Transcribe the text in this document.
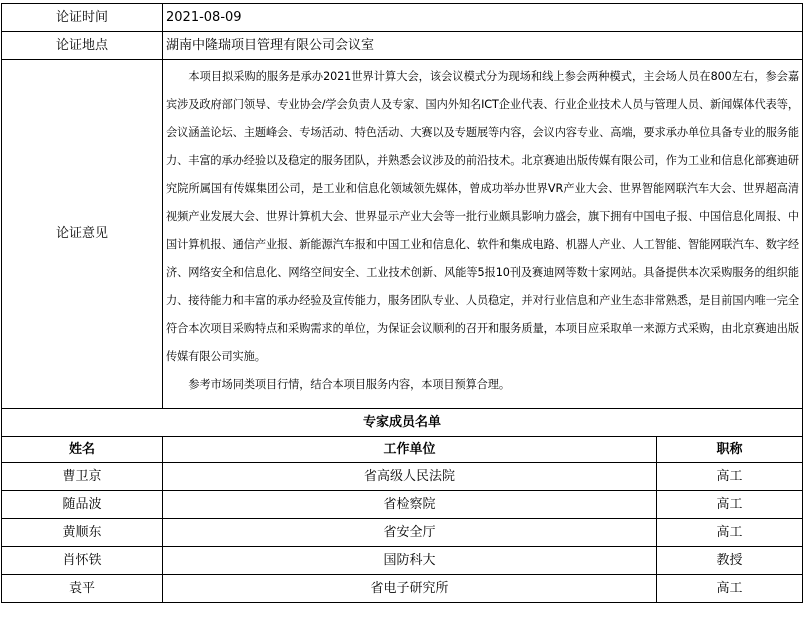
论证时间	2021-08-09	
论证地点	湖南中隆瑞项目管理有限公司会议室	
论证意见	本项目拟采购的服务是承办2021世界计算大会，该会议模式分为现场和线上参会两种模式，主会场人员在800左右，参会嘉宾涉及政府部门领导、专业协会/学会负责人及专家、国内外知名ICT企业代表、行业企业技术人员与管理人员、新闻媒体代表等，会议涵盖论坛、主题峰会、专场活动、特色活动、大赛以及专题展等内容，会议内容专业、高端，要求承办单位具备专业的服务能力、丰富的承办经验以及稳定的服务团队，并熟悉会议涉及的前沿技术。北京赛迪出版传媒有限公司，作为工业和信息化部赛迪研究院所属国有传媒集团公司，是工业和信息化领域领先媒体，曾成功举办世界VR产业大会、世界智能网联汽车大会、世界超高清视频产业发展大会、世界计算机大会、世界显示产业大会等一批行业颇具影响力盛会，旗下拥有中国电子报、中国信息化周报、中国计算机报、通信产业报、新能源汽车报和中国工业和信息化、软件和集成电路、机器人产业、人工智能、智能网联汽车、数字经济、网络安全和信息化、网络空间安全、工业技术创新、风能等5报10刊及赛迪网等数十家网站。具备提供本次采购服务的组织能力、接待能力和丰富的承办经验及宣传能力，服务团队专业、人员稳定，并对行业信息和产业生态非常熟悉，是目前国内唯一完全符合本次项目采购特点和采购需求的单位，为保证会议顺利的召开和服务质量，本项目应采取单一来源方式采购，由北京赛迪出版传媒有限公司实施。

参考市场同类项目行情，结合本项目服务内容，本项目预算合理。	

专家成员名单		
姓名	工作单位	职称
曹卫京	省高级人民法院	高工
随品波	省检察院	高工
黄顺东	省安全厅	高工
肖怀铁	国防科大	教授
袁平	省电子研究所	高工
